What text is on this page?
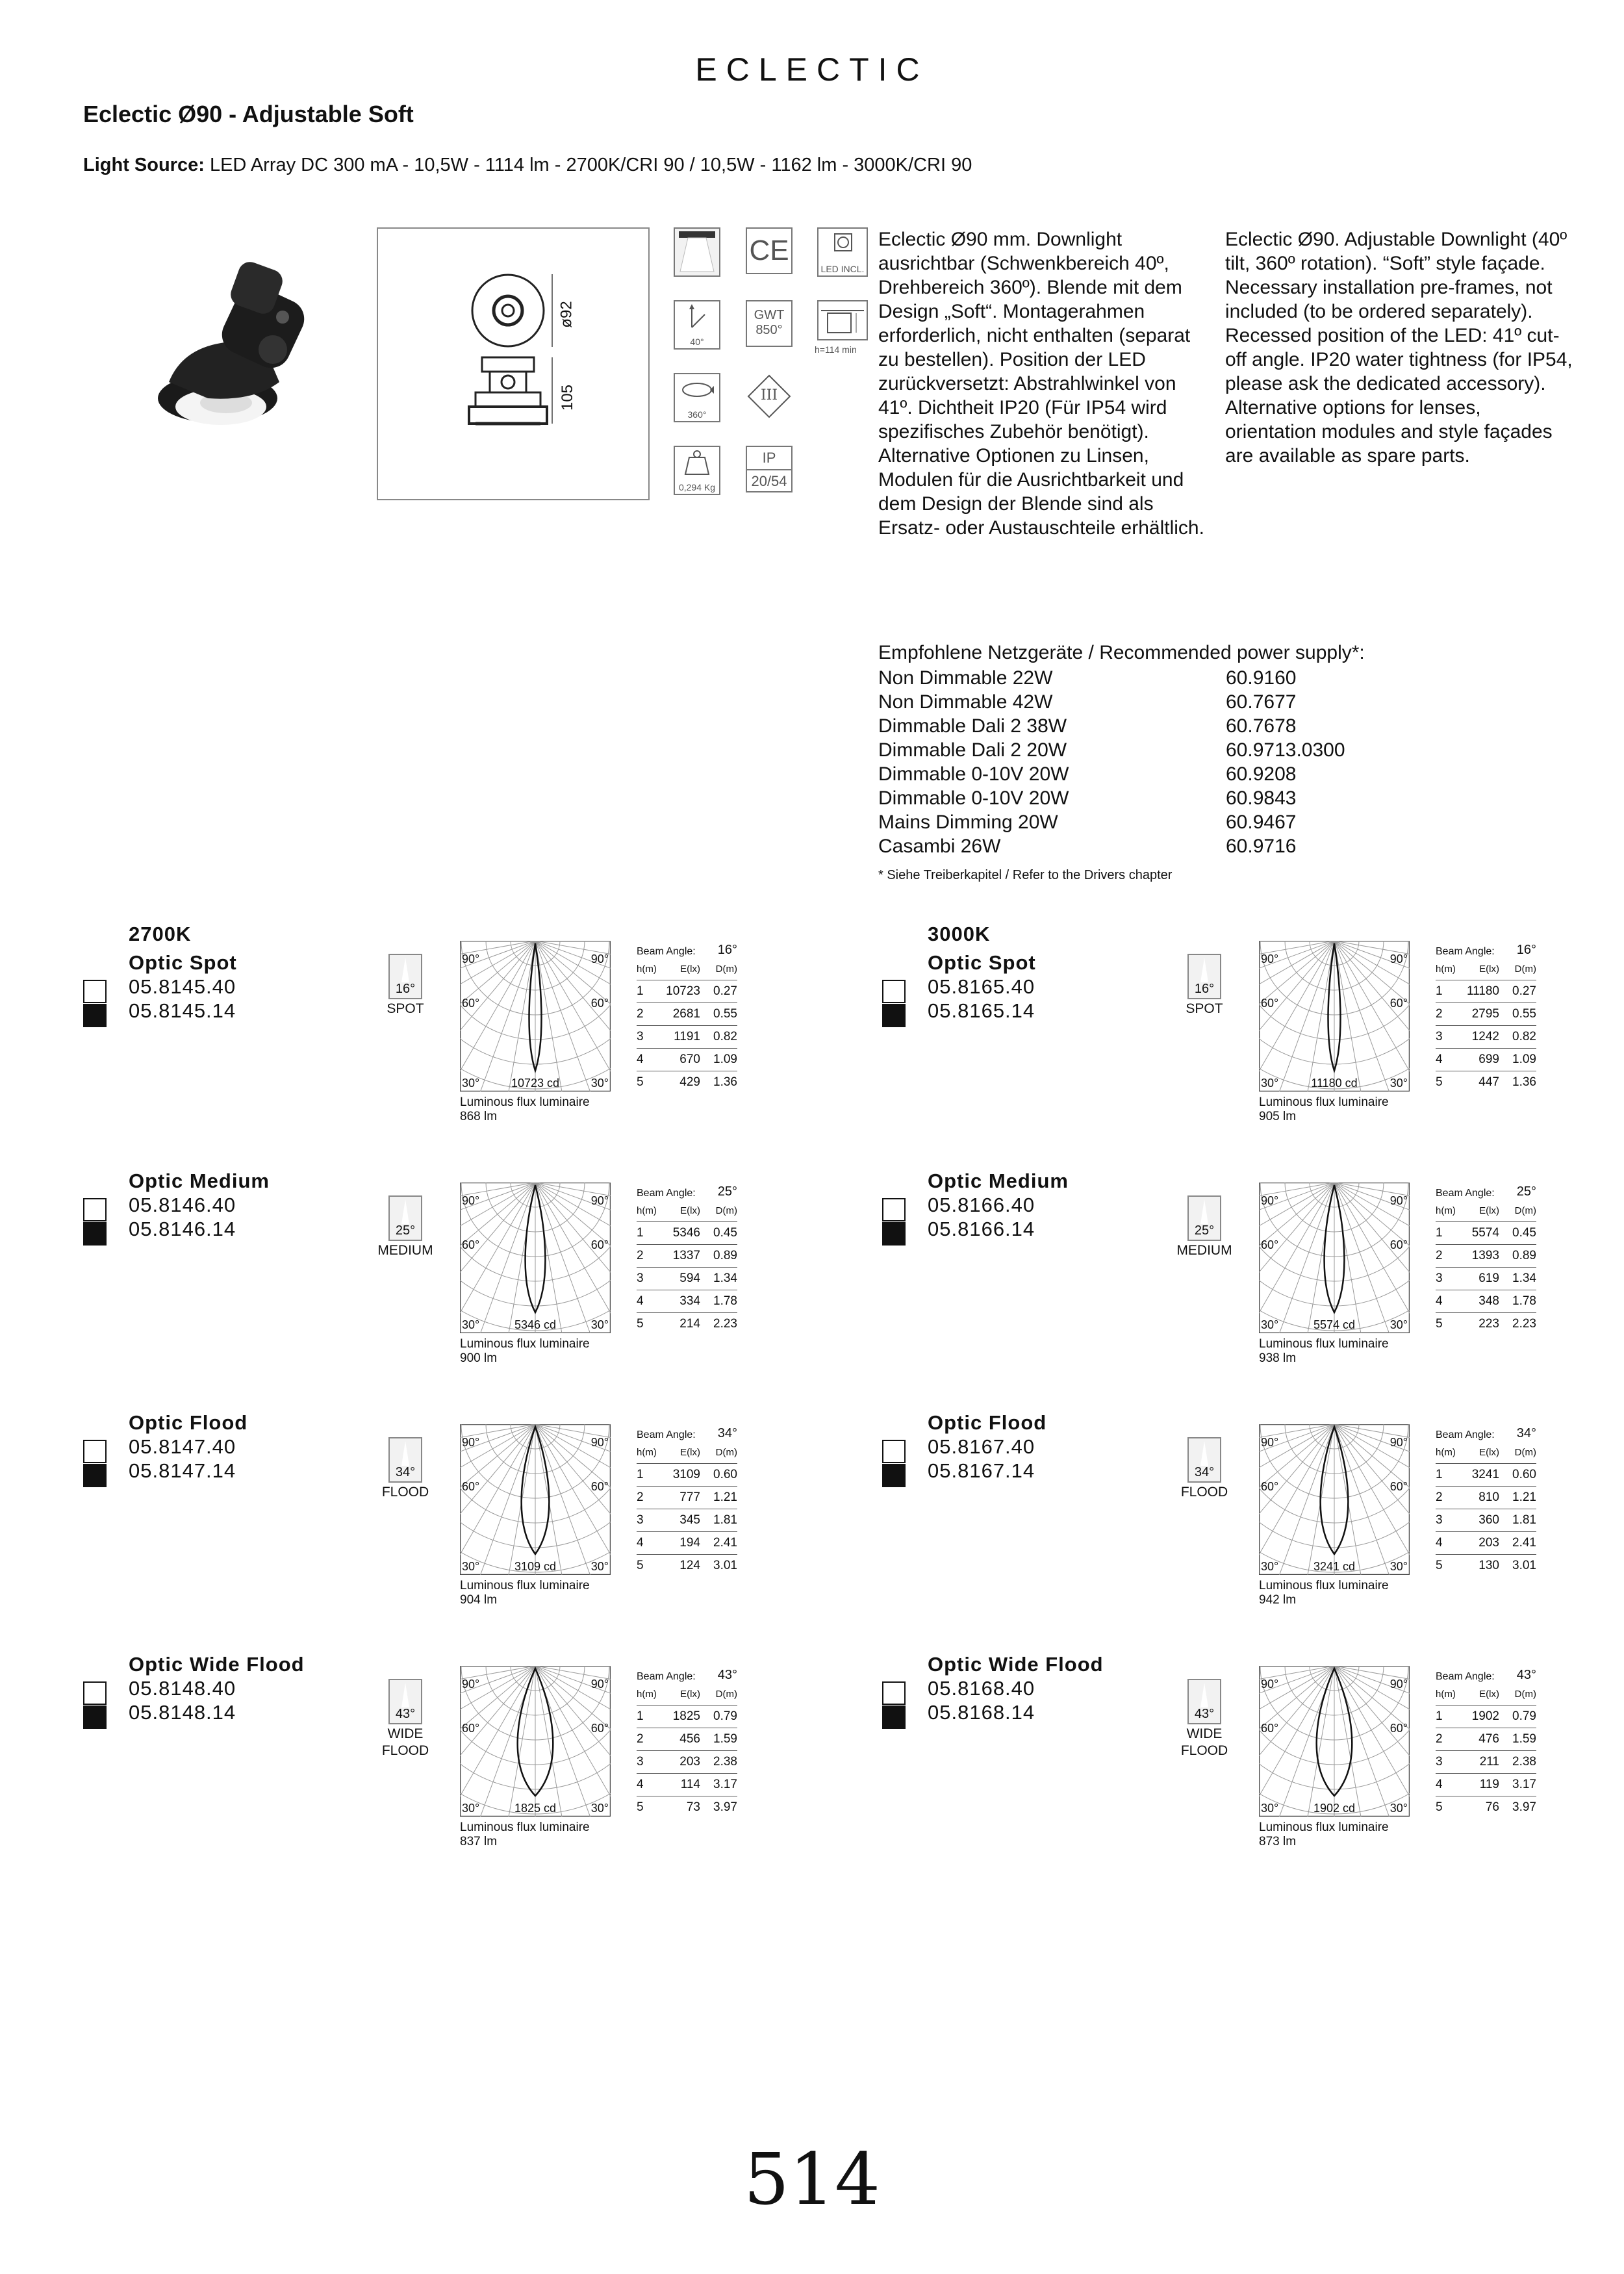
ECLECTIC
Eclectic Ø90 - Adjustable Soft
Light Source: LED Array DC 300 mA - 10,5W - 1114 lm - 2700K/CRI 90 / 10,5W - 1162 lm - 3000K/CRI 90
ø92
105
CE
LED INCL.
40°
GWT
850°
h=114 min
360°
III
0,294 Kg
IP
20/54
Eclectic Ø90 mm. Downlight ausrichtbar (Schwenkbereich 40º, Drehbereich 360º). Blende mit dem Design „Soft“. Montagerahmen erforderlich, nicht enthalten (separat zu bestellen). Position der LED zurückversetzt: Abstrahlwinkel von 41º. Dichtheit IP20 (Für IP54 wird spezifisches Zubehör benötigt). Alternative Optionen zu Linsen, Modulen für die Ausrichtbarkeit und dem Design der Blende sind als Ersatz- oder Austauschteile erhältlich.
Eclectic Ø90. Adjustable Downlight (40º tilt, 360º rotation). “Soft” style façade. Necessary installation pre-frames, not included (to be ordered separately). Recessed position of the LED: 41º cut-off angle. IP20 water tightness (for IP54, please ask the dedicated accessory). Alternative options for lenses, orientation modules and style façades are available as spare parts.
Empfohlene Netzgeräte / Recommended power supply*:
Non Dimmable 22W	60.9160
Non Dimmable 42W	60.7677
Dimmable Dali 2 38W	60.7678
Dimmable Dali 2 20W	60.9713.0300
Dimmable 0-10V 20W	60.9208
Dimmable 0-10V 20W	60.9843
Mains Dimming 20W	60.9467
Casambi 26W	60.9716
* Siehe Treiberkapitel / Refer to the Drivers chapter
2700K
Optic Spot
05.8145.40
05.8145.14
16°
SPOT
90°	90°
60°	60°
30°	30°
10723 cd
Luminous flux luminaire
868 lm
Beam Angle: 16°
h(m)	E(lx)	D(m)
1	10723	0.27
2	2681	0.55
3	1191	0.82
4	670	1.09
5	429	1.36
3000K
Optic Spot
05.8165.40
05.8165.14
16°
SPOT
90°	90°
60°	60°
30°	30°
11180 cd
Luminous flux luminaire
905 lm
Beam Angle: 16°
h(m)	E(lx)	D(m)
1	11180	0.27
2	2795	0.55
3	1242	0.82
4	699	1.09
5	447	1.36
Optic Medium
05.8146.40
05.8146.14	25°
MEDIUM
90°	90°
60°	60°
30°	30°
5346 cd
Luminous flux luminaire
900 lm
Beam Angle: 25°
h(m)	E(lx)	D(m)
1	5346	0.45
2	1337	0.89
3	594	1.34
4	334	1.78
5	214	2.23
Optic Medium
05.8166.40
05.8166.14	25°
MEDIUM
90°	90°
60°	60°
30°	30°
5574 cd
Luminous flux luminaire
938 lm
Beam Angle: 25°
h(m)	E(lx)	D(m)
1	5574	0.45
2	1393	0.89
3	619	1.34
4	348	1.78
5	223	2.23
Optic Flood
05.8147.40
05.8147.14	34°
FLOOD
90°	90°
60°	60°
30°	30°
3109 cd
Luminous flux luminaire
904 lm
Beam Angle: 34°
h(m)	E(lx)	D(m)
1	3109	0.60
2	777	1.21
3	345	1.81
4	194	2.41
5	124	3.01
Optic Flood
05.8167.40
05.8167.14	34°
FLOOD
90°	90°
60°	60°
30°	30°
3241 cd
Luminous flux luminaire
942 lm
Beam Angle: 34°
h(m)	E(lx)	D(m)
1	3241	0.60
2	810	1.21
3	360	1.81
4	203	2.41
5	130	3.01
Optic Wide Flood
05.8148.40
05.8148.14	43°
WIDE FLOOD
90°	90°
60°	60°
30°	30°
1825 cd
Luminous flux luminaire
837 lm
Beam Angle: 43°
h(m)	E(lx)	D(m)
1	1825	0.79
2	456	1.59
3	203	2.38
4	114	3.17
5	73	3.97
Optic Wide Flood
05.8168.40
05.8168.14	43°
WIDE FLOOD
90°	90°
60°	60°
30°	30°
1902 cd
Luminous flux luminaire
873 lm
Beam Angle: 43°
h(m)	E(lx)	D(m)
1	1902	0.79
2	476	1.59
3	211	2.38
4	119	3.17
5	76	3.97
514
